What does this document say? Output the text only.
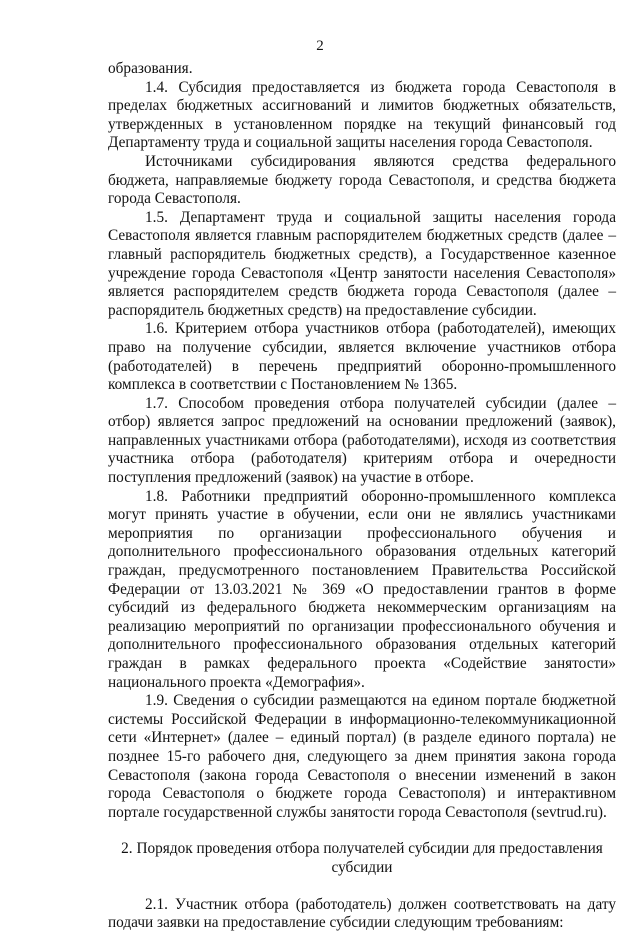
2

образования.

1.4. Субсидия предоставляется из бюджета города Севастополя в пределах бюджетных ассигнований и лимитов бюджетных обязательств, утвержденных в установленном порядке на текущий финансовый год Департаменту труда и социальной защиты населения города Севастополя.

Источниками субсидирования являются средства федерального бюджета, направляемые бюджету города Севастополя, и средства бюджета города Севастополя.

1.5. Департамент труда и социальной защиты населения города Севастополя является главным распорядителем бюджетных средств (далее – главный распорядитель бюджетных средств), а Государственное казенное учреждение города Севастополя «Центр занятости населения Севастополя» является распорядителем средств бюджета города Севастополя (далее – распорядитель бюджетных средств) на предоставление субсидии.

1.6. Критерием отбора участников отбора (работодателей), имеющих право на получение субсидии, является включение участников отбора (работодателей) в перечень предприятий оборонно-промышленного комплекса в соответствии с Постановлением № 1365.

1.7. Способом проведения отбора получателей субсидии (далее – отбор) является запрос предложений на основании предложений (заявок), направленных участниками отбора (работодателями), исходя из соответствия участника отбора (работодателя) критериям отбора и очередности поступления предложений (заявок) на участие в отборе.

1.8. Работники предприятий оборонно-промышленного комплекса могут принять участие в обучении, если они не являлись участниками мероприятия по организации профессионального обучения и дополнительного профессионального образования отдельных категорий граждан, предусмотренного постановлением Правительства Российской Федерации от 13.03.2021 № 369 «О предоставлении грантов в форме субсидий из федерального бюджета некоммерческим организациям на реализацию мероприятий по организации профессионального обучения и дополнительного профессионального образования отдельных категорий граждан в рамках федерального проекта «Содействие занятости» национального проекта «Демография».

1.9. Сведения о субсидии размещаются на едином портале бюджетной системы Российской Федерации в информационно-телекоммуникационной сети «Интернет» (далее – единый портал) (в разделе единого портала) не позднее 15-го рабочего дня, следующего за днем принятия закона города Севастополя (закона города Севастополя о внесении изменений в закон города Севастополя о бюджете города Севастополя) и интерактивном портале государственной службы занятости города Севастополя (sevtrud.ru).

2. Порядок проведения отбора получателей субсидии для предоставления субсидии

2.1. Участник отбора (работодатель) должен соответствовать на дату подачи заявки на предоставление субсидии следующим требованиям:
